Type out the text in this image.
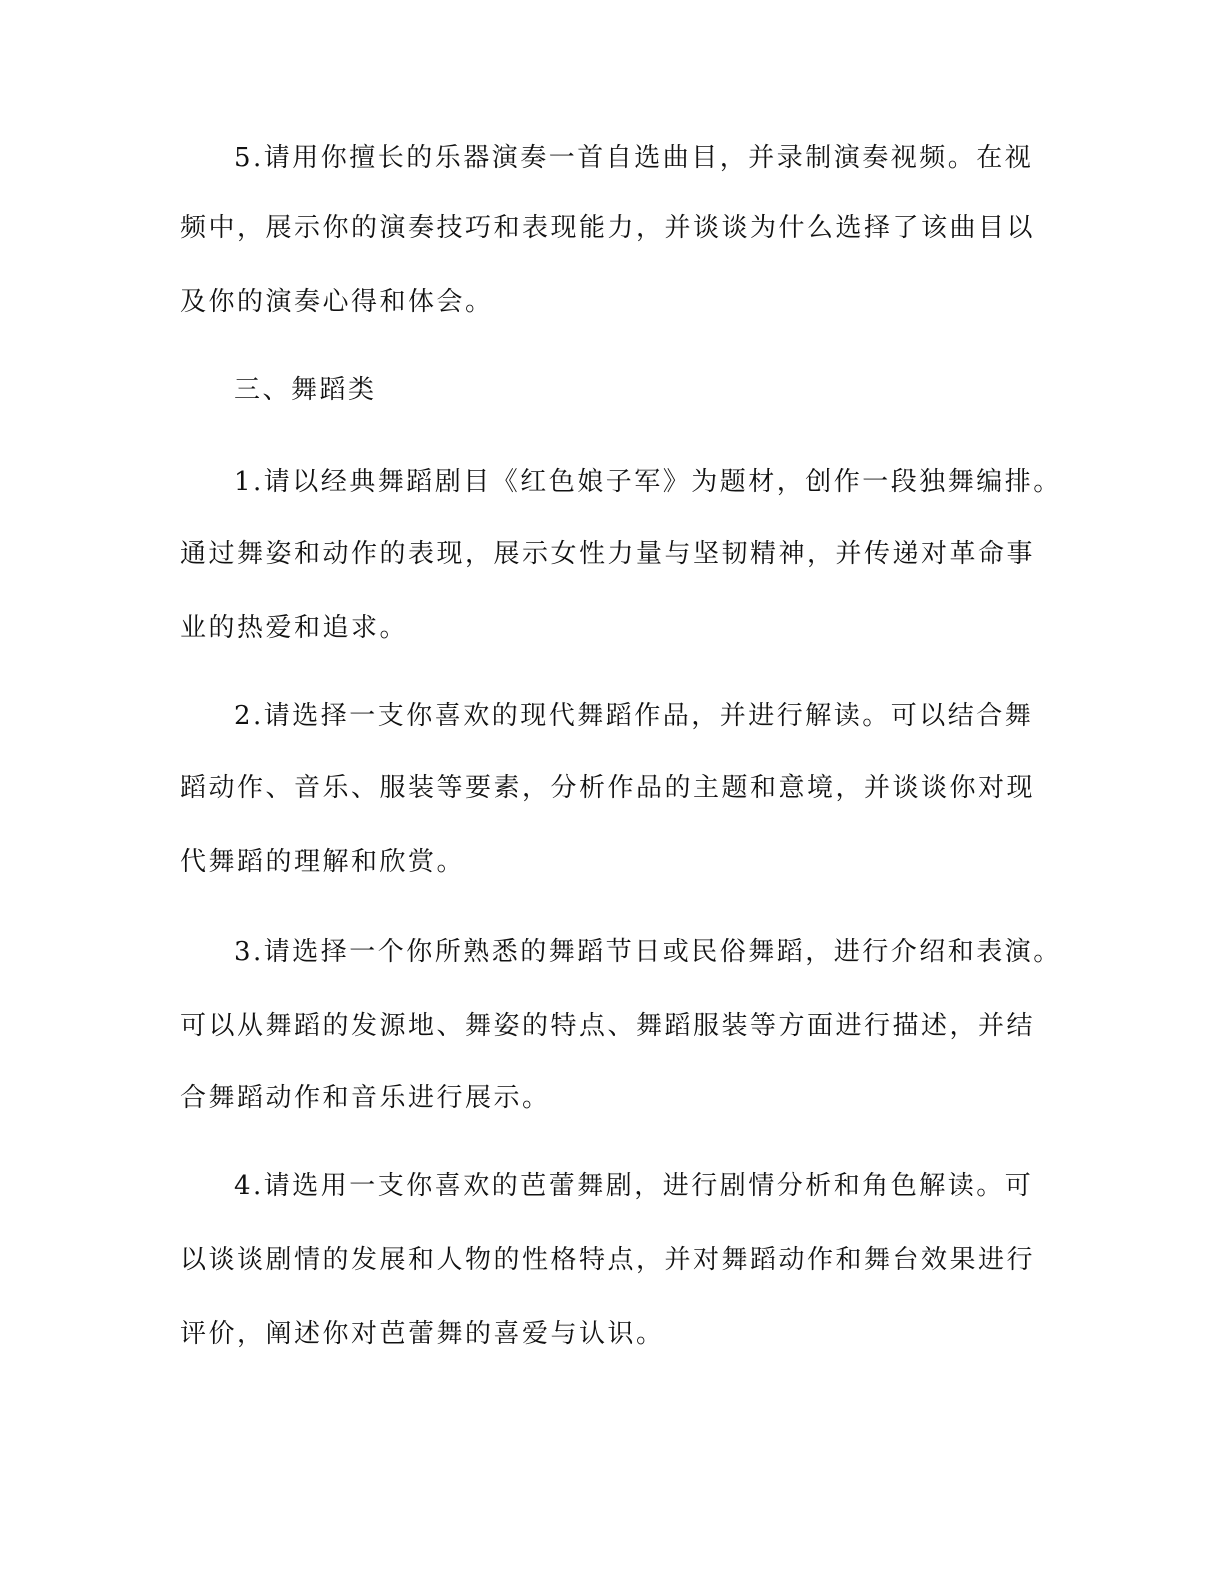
5.请用你擅长的乐器演奏一首自选曲目，并录制演奏视频。在视
频中，展示你的演奏技巧和表现能力，并谈谈为什么选择了该曲目以
及你的演奏心得和体会。
三、舞蹈类
1.请以经典舞蹈剧目《红色娘子军》为题材，创作一段独舞编排。
通过舞姿和动作的表现，展示女性力量与坚韧精神，并传递对革命事
业的热爱和追求。
2.请选择一支你喜欢的现代舞蹈作品，并进行解读。可以结合舞
蹈动作、音乐、服装等要素，分析作品的主题和意境，并谈谈你对现
代舞蹈的理解和欣赏。
3.请选择一个你所熟悉的舞蹈节日或民俗舞蹈，进行介绍和表演。
可以从舞蹈的发源地、舞姿的特点、舞蹈服装等方面进行描述，并结
合舞蹈动作和音乐进行展示。
4.请选用一支你喜欢的芭蕾舞剧，进行剧情分析和角色解读。可
以谈谈剧情的发展和人物的性格特点，并对舞蹈动作和舞台效果进行
评价，阐述你对芭蕾舞的喜爱与认识。
